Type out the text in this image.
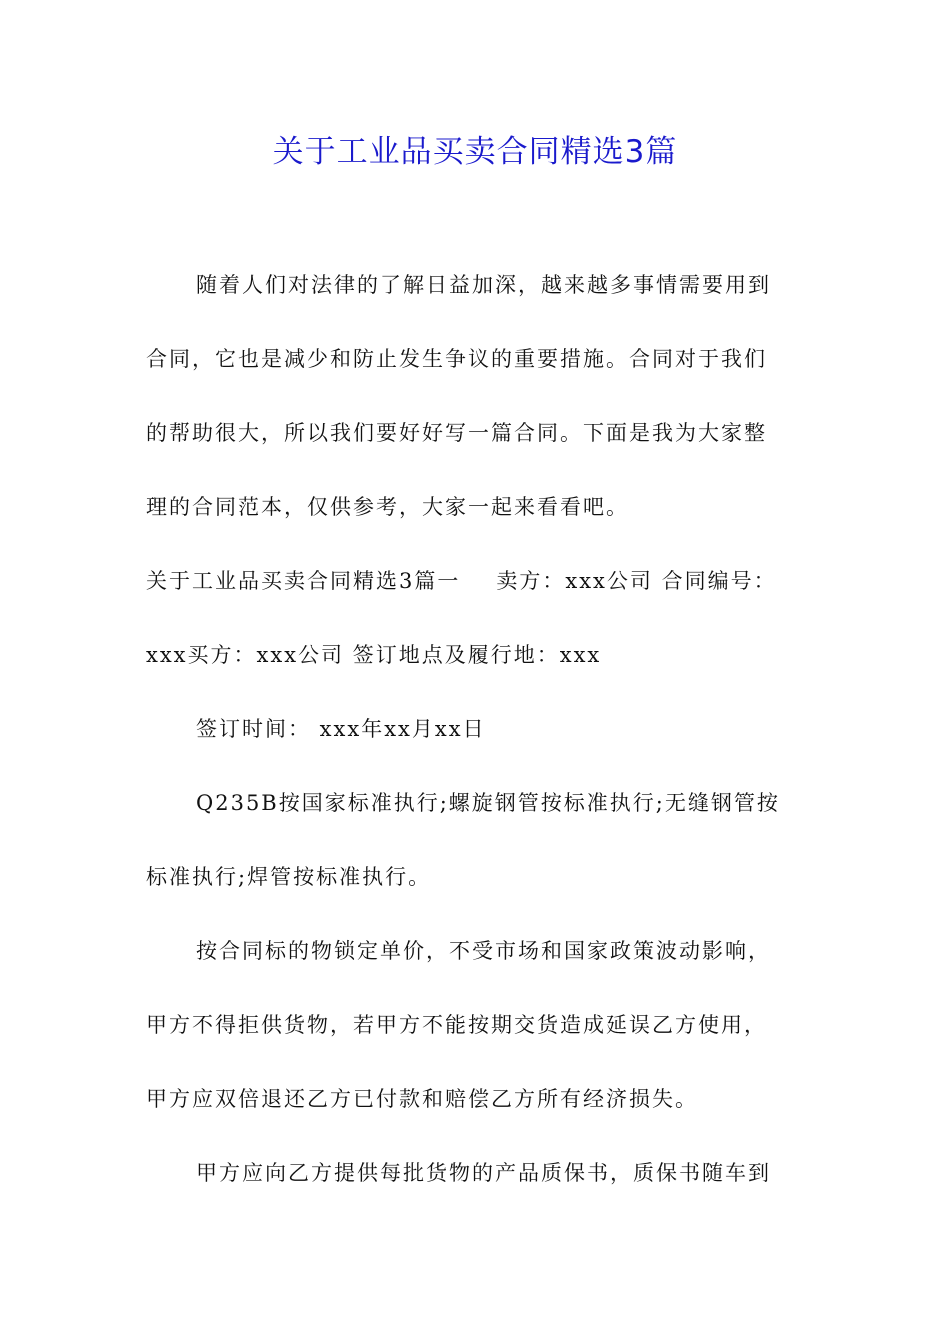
关于工业品买卖合同精选3篇
随着人们对法律的了解日益加深，越来越多事情需要用到
合同，它也是减少和防止发生争议的重要措施。合同对于我们
的帮助很大，所以我们要好好写一篇合同。下面是我为大家整
理的合同范本，仅供参考，大家一起来看看吧。
关于工业品买卖合同精选3篇一 卖方：xxx公司 合同编号：
xxx买方：xxx公司 签订地点及履行地：xxx
签订时间： xxx年xx月xx日
Q235B按国家标准执行;螺旋钢管按标准执行;无缝钢管按
标准执行;焊管按标准执行。
按合同标的物锁定单价，不受市场和国家政策波动影响，
甲方不得拒供货物，若甲方不能按期交货造成延误乙方使用，
甲方应双倍退还乙方已付款和赔偿乙方所有经济损失。
甲方应向乙方提供每批货物的产品质保书，质保书随车到
